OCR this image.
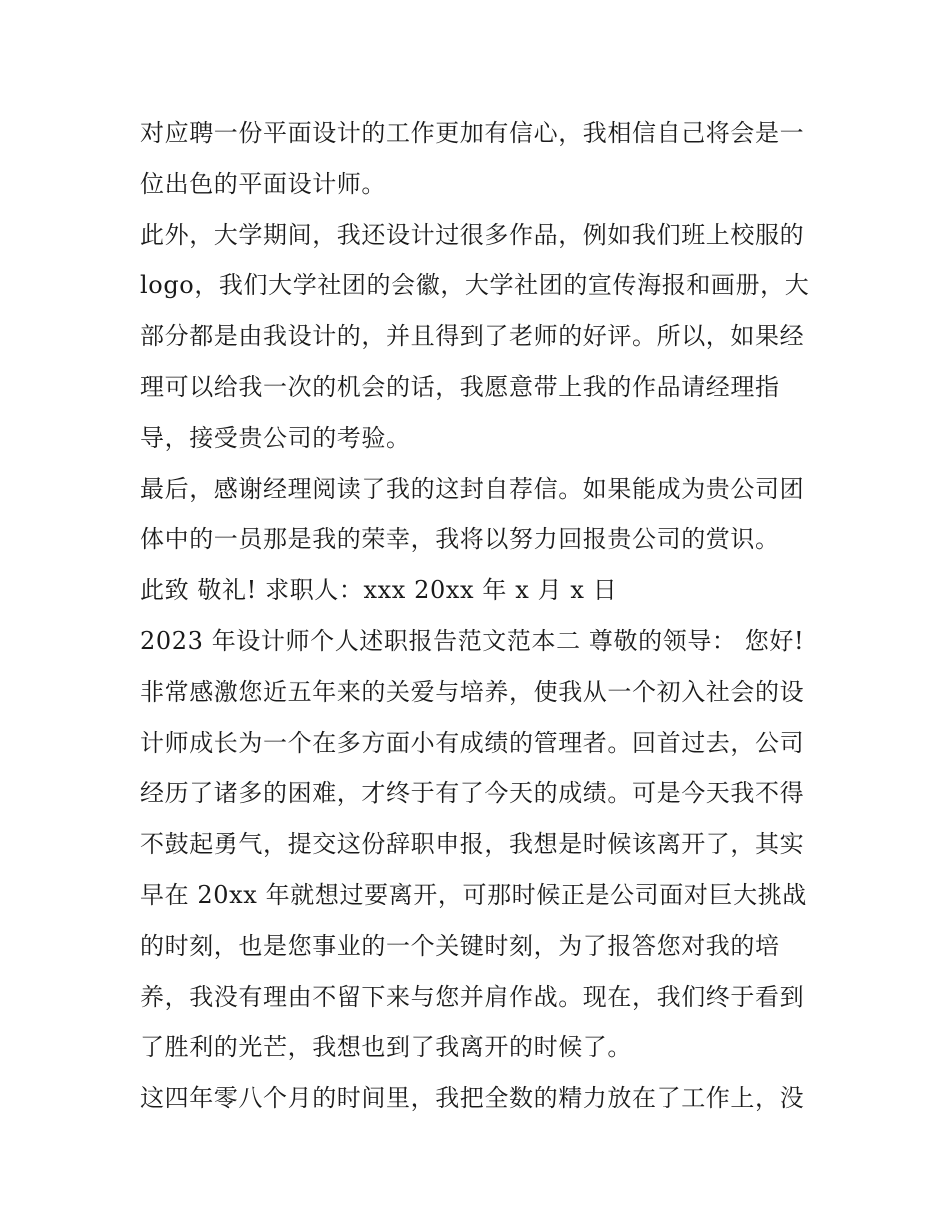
对应聘一份平面设计的工作更加有信心，我相信自己将会是一
位出色的平面设计师。
此外，大学期间，我还设计过很多作品，例如我们班上校服的
logo，我们大学社团的会徽，大学社团的宣传海报和画册，大
部分都是由我设计的，并且得到了老师的好评。所以，如果经
理可以给我一次的机会的话，我愿意带上我的作品请经理指
导，接受贵公司的考验。
最后，感谢经理阅读了我的这封自荐信。如果能成为贵公司团
体中的一员那是我的荣幸，我将以努力回报贵公司的赏识。
此致 敬礼! 求职人：xxx 20xx 年 x 月 x 日
2023 年设计师个人述职报告范文范本二 尊敬的领导： 您好!
非常感激您近五年来的关爱与培养，使我从一个初入社会的设
计师成长为一个在多方面小有成绩的管理者。回首过去，公司
经历了诸多的困难，才终于有了今天的成绩。可是今天我不得
不鼓起勇气，提交这份辞职申报，我想是时候该离开了，其实
早在 20xx 年就想过要离开，可那时候正是公司面对巨大挑战
的时刻，也是您事业的一个关键时刻，为了报答您对我的培
养，我没有理由不留下来与您并肩作战。现在，我们终于看到
了胜利的光芒，我想也到了我离开的时候了。
这四年零八个月的时间里，我把全数的精力放在了工作上，没
